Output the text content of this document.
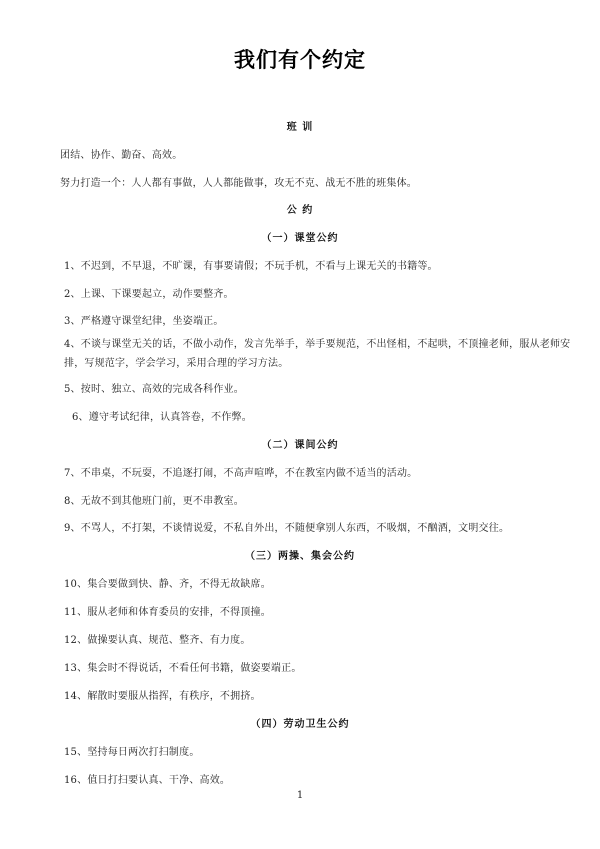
我们有个约定
班 训
团结、协作、勤奋、高效。
努力打造一个：人人都有事做，人人都能做事，攻无不克、战无不胜的班集体。
公 约
（一）课堂公约
1、不迟到，不早退，不旷课，有事要请假；不玩手机，不看与上课无关的书籍等。
2、上课、下课要起立，动作要整齐。
3、严格遵守课堂纪律，坐姿端正。
4、不谈与课堂无关的话，不做小动作，发言先举手，举手要规范，不出怪相，不起哄，不顶撞老师，服从老师安排，写规范字，学会学习，采用合理的学习方法。
5、按时、独立、高效的完成各科作业。
6、遵守考试纪律，认真答卷，不作弊。
（二）课间公约
7、不串桌，不玩耍，不追逐打闹，不高声喧哗，不在教室内做不适当的活动。
8、无故不到其他班门前，更不串教室。
9、不骂人，不打架，不谈情说爱，不私自外出，不随便拿别人东西，不吸烟，不酗酒，文明交往。
（三）两操、集会公约
10、集合要做到快、静、齐，不得无故缺席。
11、服从老师和体育委员的安排，不得顶撞。
12、做操要认真、规范、整齐、有力度。
13、集会时不得说话，不看任何书籍，做姿要端正。
14、解散时要服从指挥，有秩序，不拥挤。
（四）劳动卫生公约
15、坚持每日两次打扫制度。
16、值日打扫要认真、干净、高效。
1
